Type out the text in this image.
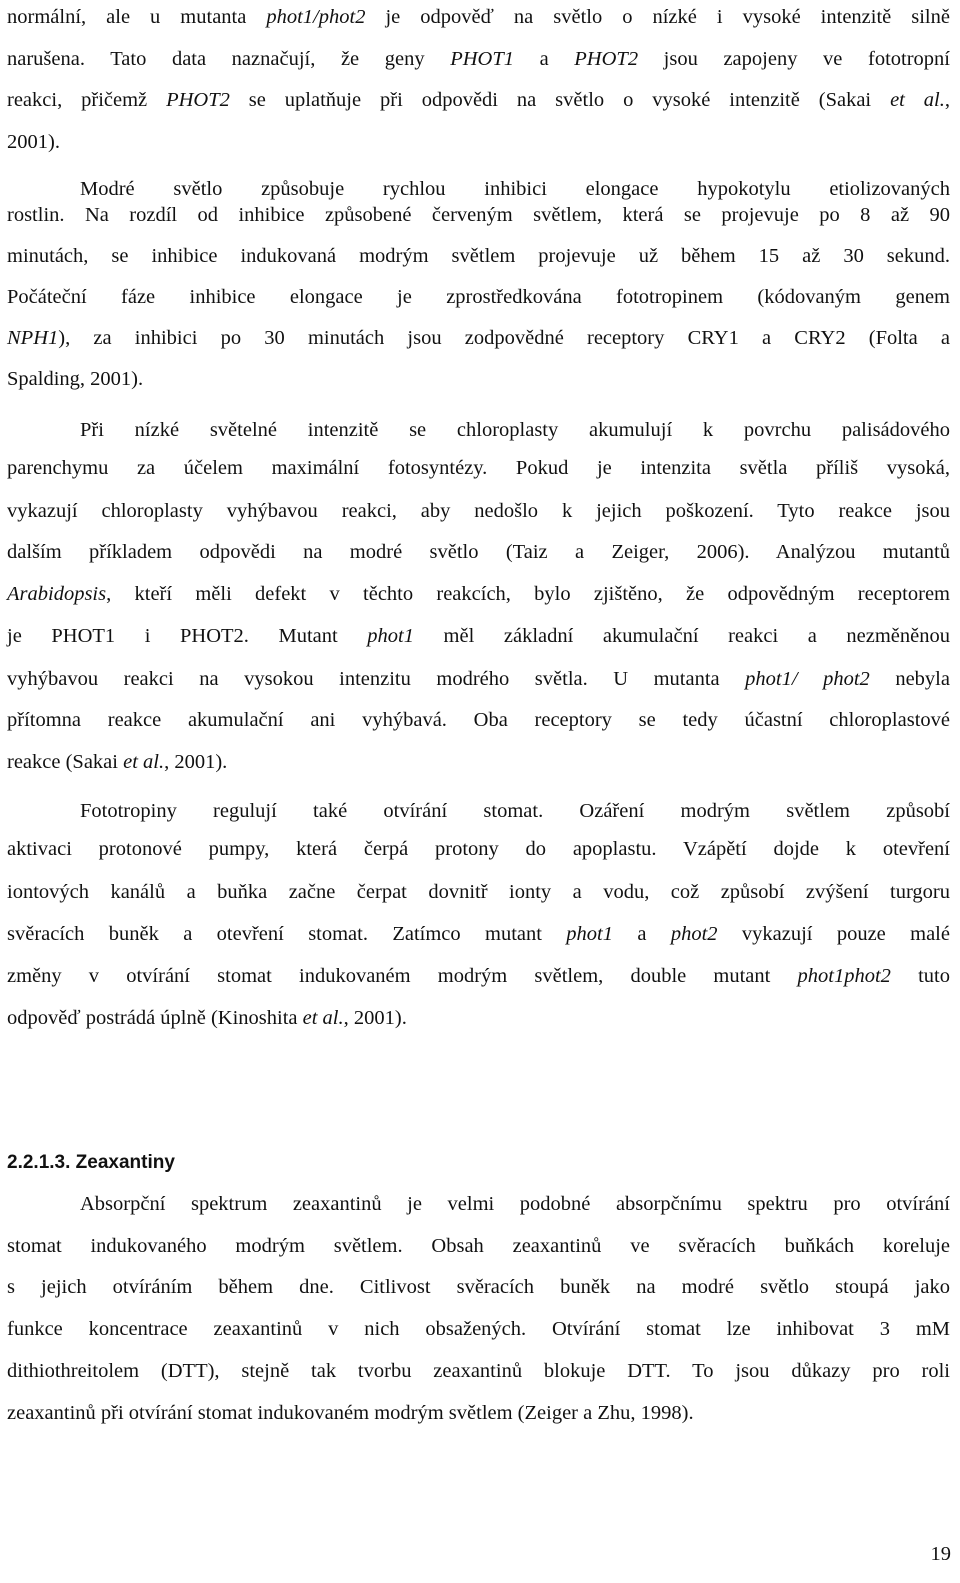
normální, ale u mutanta phot1/phot2 je odpověď na světlo o nízké i vysoké intenzitě silně
narušena. Tato data naznačují, že geny PHOT1 a PHOT2 jsou zapojeny ve fototropní
reakci, přičemž PHOT2 se uplatňuje při odpovědi na světlo o vysoké intenzitě (Sakai et al.,
2001).
Modré světlo způsobuje rychlou inhibici elongace hypokotylu etiolizovaných
rostlin. Na rozdíl od inhibice způsobené červeným světlem, která se projevuje po 8 až 90
minutách, se inhibice indukovaná modrým světlem projevuje už během 15 až 30 sekund.
Počáteční fáze inhibice elongace je zprostředkována fototropinem (kódovaným genem
NPH1), za inhibici po 30 minutách jsou zodpovědné receptory CRY1 a CRY2 (Folta a
Spalding, 2001).
Při nízké světelné intenzitě se chloroplasty akumulují k povrchu palisádového
parenchymu za účelem maximální fotosyntézy. Pokud je intenzita světla příliš vysoká,
vykazují chloroplasty vyhýbavou reakci, aby nedošlo k jejich poškození. Tyto reakce jsou
dalším příkladem odpovědi na modré světlo (Taiz a Zeiger, 2006). Analýzou mutantů
Arabidopsis, kteří měli defekt v těchto reakcích, bylo zjištěno, že odpovědným receptorem
je PHOT1 i PHOT2. Mutant phot1 měl základní akumulační reakci a nezměněnou
vyhýbavou reakci na vysokou intenzitu modrého světla. U mutanta phot1/ phot2 nebyla
přítomna reakce akumulační ani vyhýbavá. Oba receptory se tedy účastní chloroplastové
reakce (Sakai et al., 2001).
Fototropiny regulují také otvírání stomat. Ozáření modrým světlem způsobí
aktivaci protonové pumpy, která čerpá protony do apoplastu. Vzápětí dojde k otevření
iontových kanálů a buňka začne čerpat dovnitř ionty a vodu, což způsobí zvýšení turgoru
svěracích buněk a otevření stomat. Zatímco mutant phot1 a phot2 vykazují pouze malé
změny v otvírání stomat indukovaném modrým světlem, double mutant phot1phot2 tuto
odpověď postrádá úplně (Kinoshita et al., 2001).
2.2.1.3. Zeaxantiny
Absorpční spektrum zeaxantinů je velmi podobné absorpčnímu spektru pro otvírání
stomat indukovaného modrým světlem. Obsah zeaxantinů ve svěracích buňkách koreluje
s jejich otvíráním během dne. Citlivost svěracích buněk na modré světlo stoupá jako
funkce koncentrace zeaxantinů v nich obsažených. Otvírání stomat lze inhibovat 3 mM
dithiothreitolem (DTT), stejně tak tvorbu zeaxantinů blokuje DTT. To jsou důkazy pro roli
zeaxantinů při otvírání stomat indukovaném modrým světlem (Zeiger a Zhu, 1998).
19
